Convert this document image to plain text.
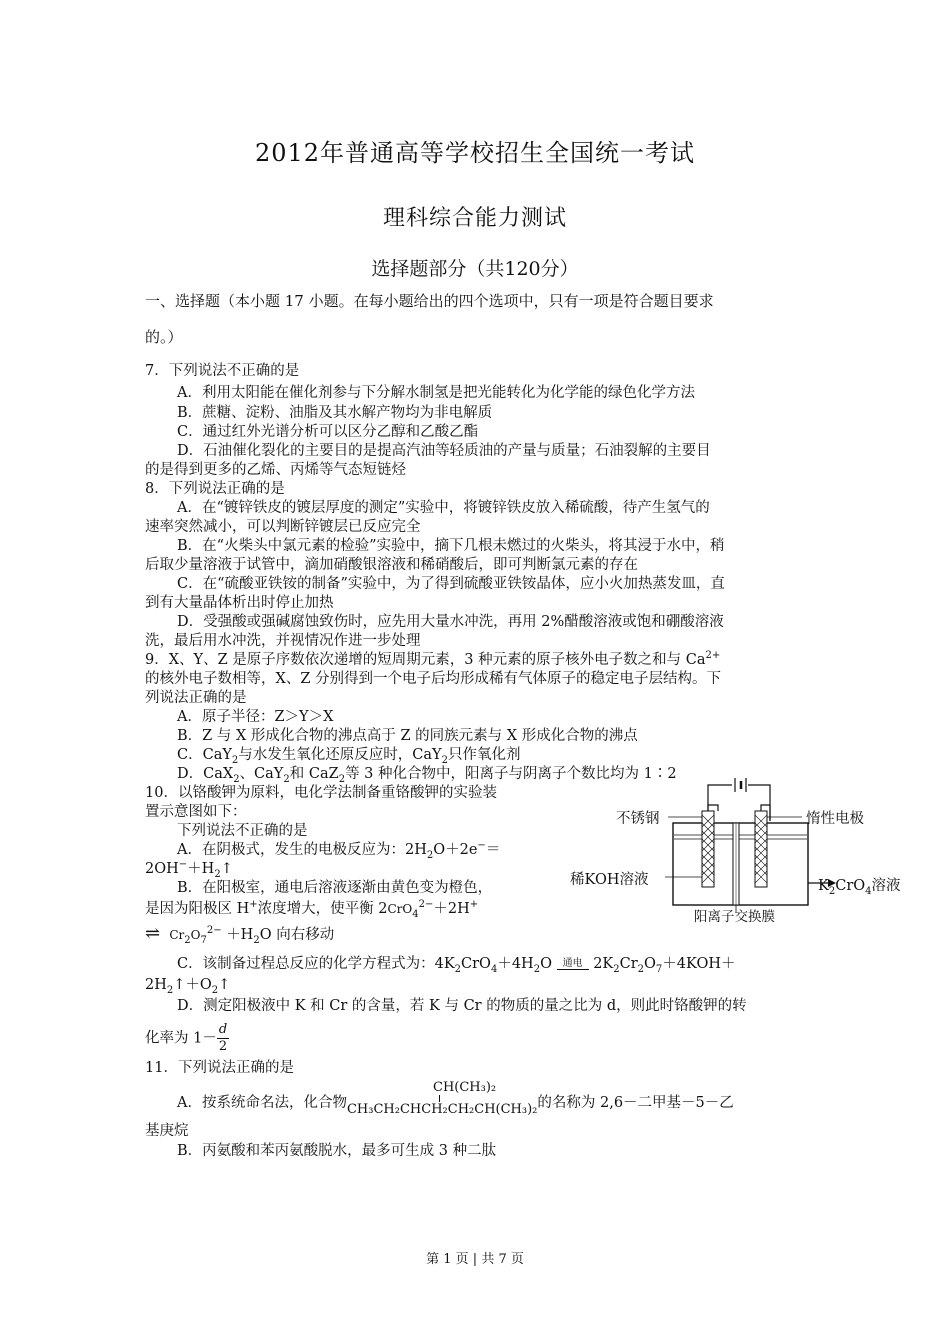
2012年普通高等学校招生全国统一考试
理科综合能力测试
选择题部分（共120分）
一、选择题（本小题 17 小题。在每小题给出的四个选项中，只有一项是符合题目要求
的。）
7．下列说法不正确的是
A．利用太阳能在催化剂参与下分解水制氢是把光能转化为化学能的绿色化学方法
B．蔗糖、淀粉、油脂及其水解产物均为非电解质
C．通过红外光谱分析可以区分乙醇和乙酸乙酯
D．石油催化裂化的主要目的是提高汽油等轻质油的产量与质量；石油裂解的主要目
的是得到更多的乙烯、丙烯等气态短链烃
8．下列说法正确的是
A．在“镀锌铁皮的镀层厚度的测定”实验中，将镀锌铁皮放入稀硫酸，待产生氢气的
速率突然减小，可以判断锌镀层已反应完全
B．在“火柴头中氯元素的检验”实验中，摘下几根未燃过的火柴头，将其浸于水中，稍
后取少量溶液于试管中，滴加硝酸银溶液和稀硝酸后，即可判断氯元素的存在
C．在“硫酸亚铁铵的制备”实验中，为了得到硫酸亚铁铵晶体，应小火加热蒸发皿，直
到有大量晶体析出时停止加热
D．受强酸或强碱腐蚀致伤时，应先用大量水冲洗，再用 2%醋酸溶液或饱和硼酸溶液
洗，最后用水冲洗，并视情况作进一步处理
9．X、Y、Z 是原子序数依次递增的短周期元素，3 种元素的原子核外电子数之和与 $Ca^{2+}$
的核外电子数相等，X、Z 分别得到一个电子后均形成稀有气体原子的稳定电子层结构。下
列说法正确的是
A．原子半径：Z＞Y＞X
B．Z 与 X 形成化合物的沸点高于 Z 的同族元素与 X 形成化合物的沸点
C．CaY$_2$与水发生氧化还原反应时，CaY$_2$只作氧化剂
D．CaX$_2$、CaY$_2$和 CaZ$_2$等 3 种化合物中，阳离子与阴离子个数比均为 1∶2
10．以铬酸钾为原料，电化学法制备重铬酸钾的实验装
置示意图如下：
下列说法不正确的是
A．在阴极式，发生的电极反应为：$2H_2O+2e^-=$
$2OH^-+H_2↑$
B．在阳极室，通电后溶液逐渐由黄色变为橙色，
是因为阳极区 H+浓度增大，使平衡 2CrO$_4^{2-}$＋2H+
⇌ $Cr_2O_7^{2-} +H_2O$ 向右移动
C．该制备过程总反应的化学方程式为：$4K_2CrO_4+4H_2O$ 通电 $2K_2Cr_2O_7+4KOH+$
$2H_2↑+O_2↑$
D．测定阳极液中 K 和 Cr 的含量，若 K 与 Cr 的物质的量之比为 d，则此时铬酸钾的转
化率为 $1- \frac{d}{2}$
不锈钢	惰性电极
稀KOH溶液	$K_2CrO_4$溶液
阳离子交换膜
11．下列说法正确的是
CH(CH₃)₂
A．按系统命名法，化合物CH₃CH₂CHCH₂CH₂CH(CH₃)₂的名称为 2,6－二甲基－5－乙
基庚烷
B．丙氨酸和苯丙氨酸脱水，最多可生成 3 种二肽
第 1 页 | 共 7 页
